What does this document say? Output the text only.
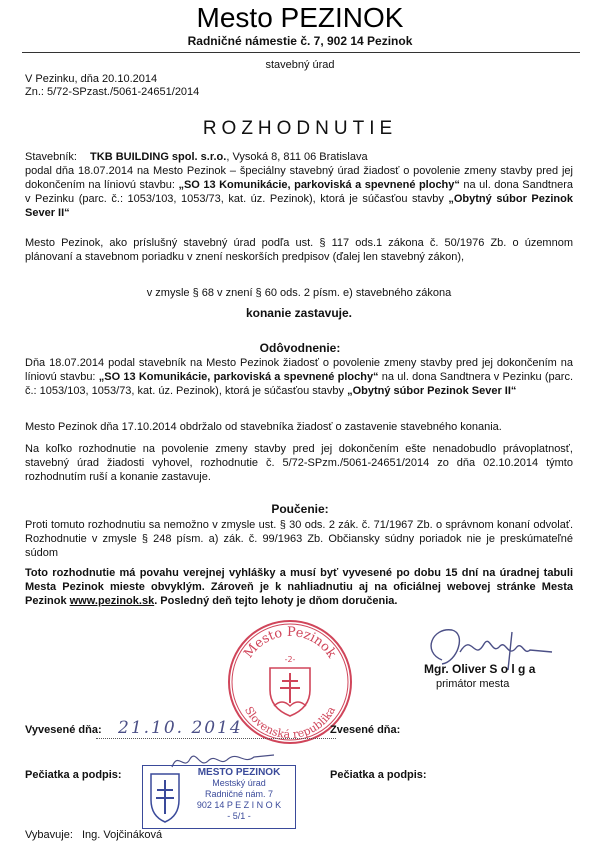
Mesto PEZINOK
Radničné námestie č. 7, 902 14 Pezinok
stavebný úrad
V Pezinku, dňa 20.10.2014
Zn.: 5/72-SPzast./5061-24651/2014
ROZHODNUTIE
Stavebník: TKB BUILDING spol. s.r.o., Vysoká 8, 811 06 Bratislava
podal dňa 18.07.2014 na Mesto Pezinok – špeciálny stavebný úrad žiadosť o povolenie zmeny stavby pred jej dokončením na líniovú stavbu: „SO 13 Komunikácie, parkoviská a spevnené plochy“ na ul. dona Sandtnera v Pezinku (parc. č.: 1053/103, 1053/73, kat. úz. Pezinok), ktorá je súčasťou stavby „Obytný súbor Pezinok Sever II“
Mesto Pezinok, ako príslušný stavebný úrad podľa ust. § 117 ods.1 zákona č. 50/1976 Zb. o územnom plánovaní a stavebnom poriadku v znení neskorších predpisov (ďalej len stavebný zákon),
v zmysle § 68 v znení § 60 ods. 2 písm. e) stavebného zákona
konanie zastavuje.
Odôvodnenie:
Dňa 18.07.2014 podal stavebník na Mesto Pezinok žiadosť o povolenie zmeny stavby pred jej dokončením na líniovú stavbu: „SO 13 Komunikácie, parkoviská a spevnené plochy“ na ul. dona Sandtnera v Pezinku (parc. č.: 1053/103, 1053/73, kat. úz. Pezinok), ktorá je súčasťou stavby „Obytný súbor Pezinok Sever II“
Mesto Pezinok dňa 17.10.2014 obdržalo od stavebníka žiadosť o zastavenie stavebného konania.
Na koľko rozhodnutie na povolenie zmeny stavby pred jej dokončením ešte nenadobudlo právoplatnosť, stavebný úrad žiadosti vyhovel, rozhodnutie č. 5/72-SPzm./5061-24651/2014 zo dňa 02.10.2014 týmto rozhodnutím ruší a konanie zastavuje.
Poučenie:
Proti tomuto rozhodnutiu sa nemožno v zmysle ust. § 30 ods. 2 zák. č. 71/1967 Zb. o správnom konaní odvolať. Rozhodnutie v zmysle § 248 písm. a) zák. č. 99/1963 Zb. Občiansky súdny poriadok nie je preskúmateľné súdom
Toto rozhodnutie má povahu verejnej vyhlášky a musí byť vyvesené po dobu 15 dní na úradnej tabuli Mesta Pezinok mieste obvyklým. Zároveň je k nahliadnutiu aj na oficiálnej webovej stránke Mesta Pezinok www.pezinok.sk. Posledný deň tejto lehoty je dňom doručenia.
Mesto Pezinok
Slovenská republika
-2-
Mgr. Oliver S o l g a
primátor mesta
Vyvesené dňa: 21.10. 2014	Zvesené dňa:
Pečiatka a podpis:	Pečiatka a podpis:
MESTO PEZINOK
Mestský úrad
Radničné nám. 7
902 14 P E Z I N O K
- 5/1 -
Vybavuje: Ing. Vojčináková
